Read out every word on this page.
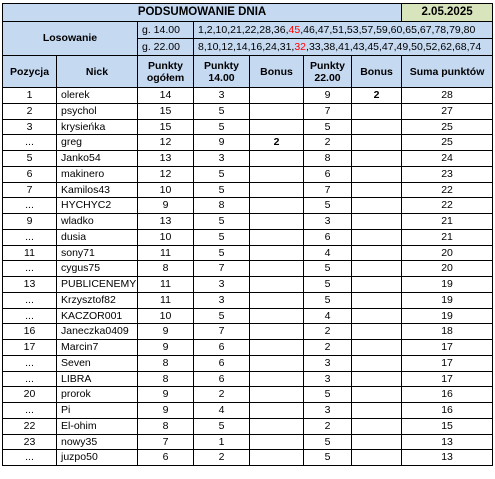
PODSUMOWANIE DNIA							2.05.2025
Losowanie		g. 14.00	1,2,10,21,22,28,36,45,46,47,51,53,57,59,60,65,67,78,79,80				
		g. 22.00	8,10,12,14,16,24,31,32,33,38,41,43,45,47,49,50,52,62,68,74				
Pozycja	Nick	Punkty ogółem	Punkty 14.00	Bonus	Punkty 22.00	Bonus	Suma punktów
1	olerek	14	3		9	2	28
2	psychol	15	5		7		27
3	krysieńka	15	5		5		25
...	greg	12	9	2	2		25
5	Janko54	13	3		8		24
6	makinero	12	5		6		23
7	Kamilos43	10	5		7		22
...	HYCHYC2	9	8		5		22
9	wladko	13	5		3		21
...	dusia	10	5		6		21
11	sony71	11	5		4		20
...	cygus75	8	7		5		20
13	PUBLICENEMY	11	3		5		19
...	Krzysztof82	11	3		5		19
...	KACZOR001	10	5		4		19
16	Janeczka0409	9	7		2		18
17	Marcin7	9	6		2		17
...	Seven	8	6		3		17
...	LIBRA	8	6		3		17
20	prorok	9	2		5		16
...	Pi	9	4		3		16
22	El-ohim	8	5		2		15
23	nowy35	7	1		5		13
...	juzpo50	6	2		5		13
